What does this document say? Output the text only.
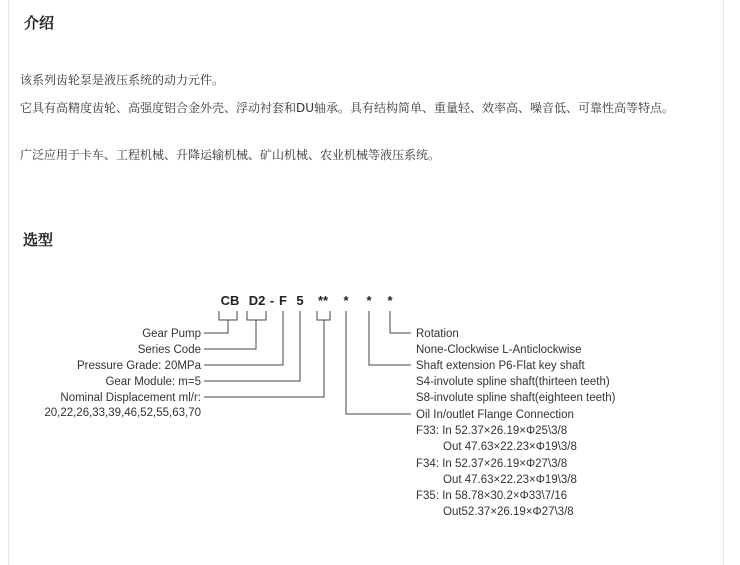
介绍
该系列齿轮泵是液压系统的动力元件。
它具有高精度齿轮、高强度铝合金外壳、浮动衬套和DU轴承。具有结构简单、重量轻、效率高、噪音低、可靠性高等特点。
广泛应用于卡车、工程机械、升降运输机械、矿山机械、农业机械等液压系统。
选型
CB D2 - F 5 ** * * *
Gear Pump
Series Code
Pressure Grade: 20MPa
Gear Module: m=5
Nominal Displacement ml/r:
20,22,26,33,39,46,52,55,63,70
Rotation
None-Clockwise L-Anticlockwise
Shaft extension P6-Flat key shaft
S4-involute spline shaft(thirteen teeth)
S8-involute spline shaft(eighteen teeth)
Oil In/outlet Flange Connection
F33: In 52.37×26.19×Φ25\3/8
Out 47.63×22.23×Φ19\3/8
F34: In 52.37×26.19×Φ27\3/8
Out 47.63×22.23×Φ19\3/8
F35: In 58.78×30.2×Φ33\7/16
Out52.37×26.19×Φ27\3/8
